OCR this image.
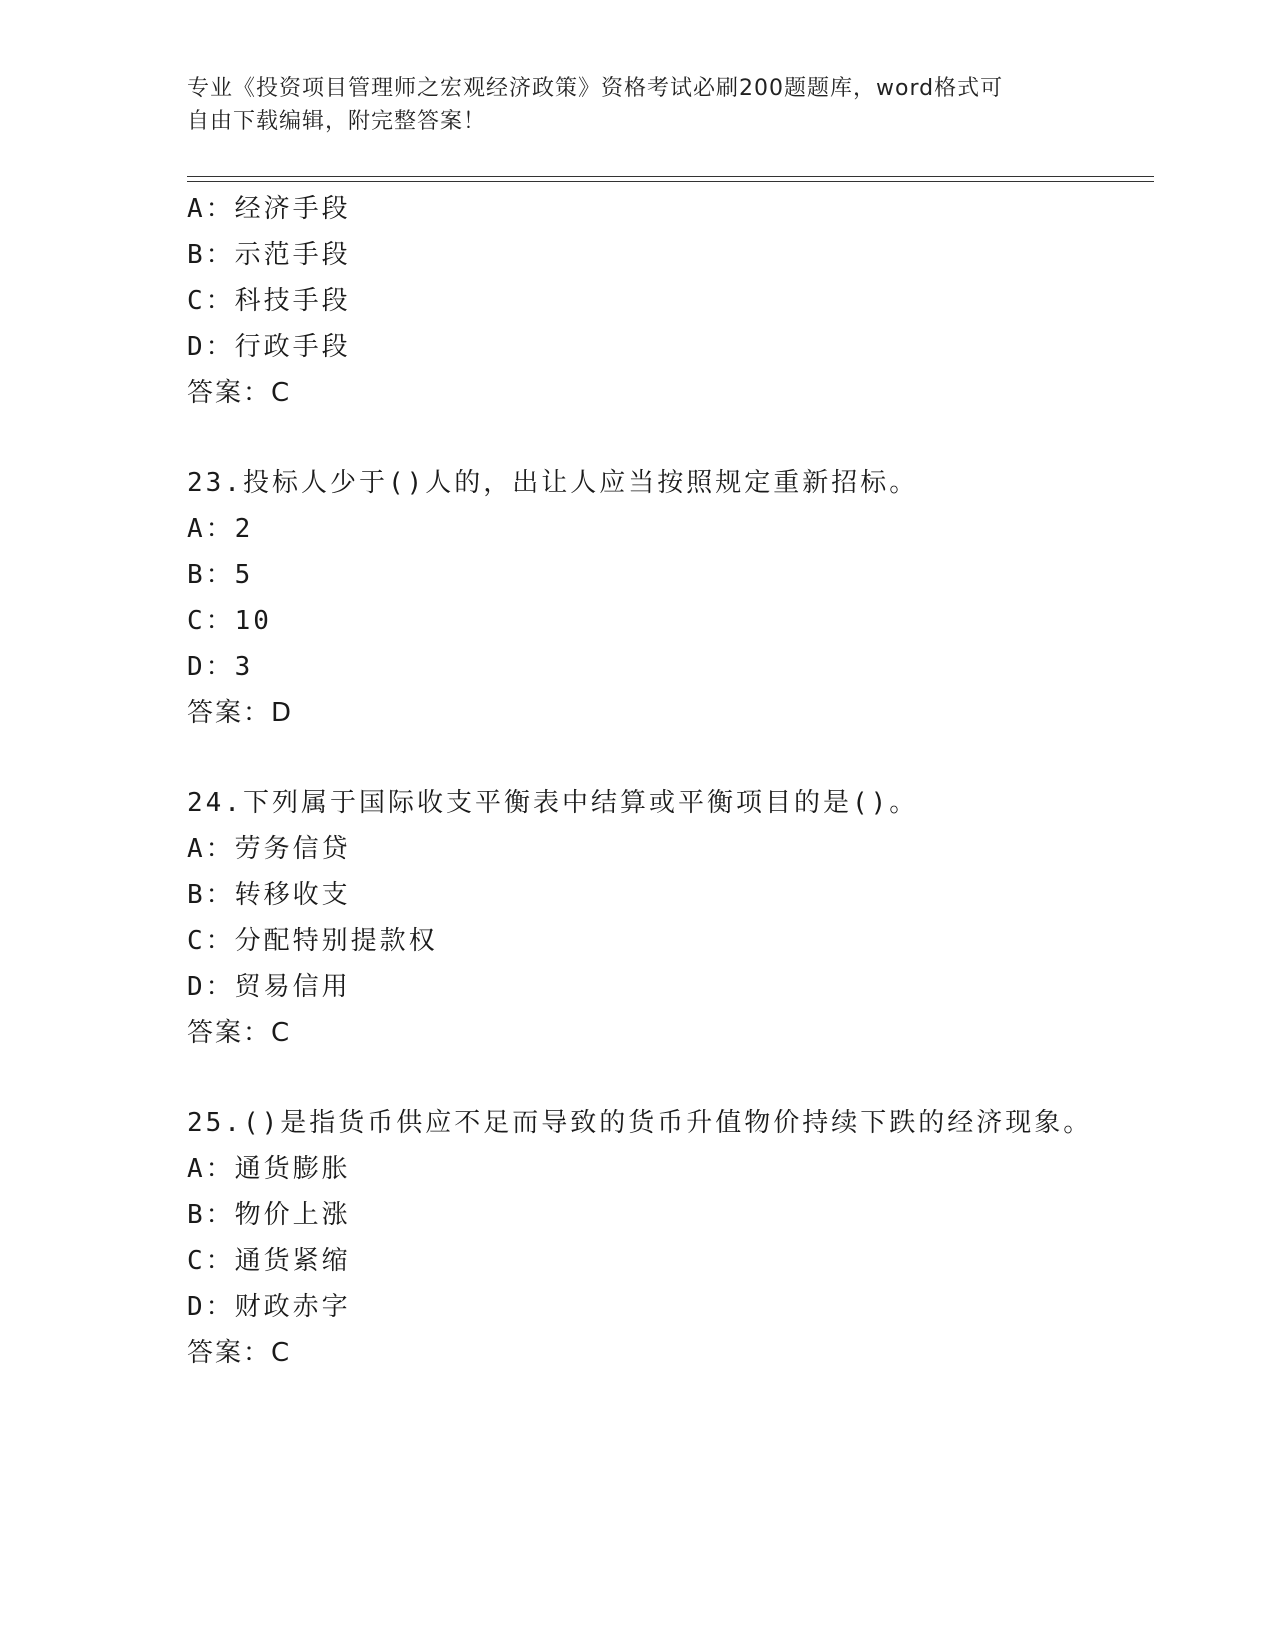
专业《投资项目管理师之宏观经济政策》资格考试必刷200题题库，word格式可
自由下载编辑，附完整答案！
A：经济手段
B：示范手段
C：科技手段
D：行政手段
答案：C
23.投标人少于()人的，出让人应当按照规定重新招标。
A：2
B：5
C：10
D：3
答案：D
24.下列属于国际收支平衡表中结算或平衡项目的是()。
A：劳务信贷
B：转移收支
C：分配特别提款权
D：贸易信用
答案：C
25.()是指货币供应不足而导致的货币升值物价持续下跌的经济现象。
A：通货膨胀
B：物价上涨
C：通货紧缩
D：财政赤字
答案：C
